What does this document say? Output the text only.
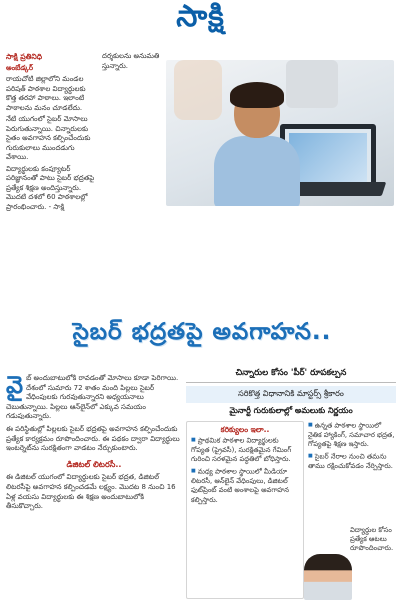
సాక్షి

దర్శకులను అనుమతి స్తున్నారు.

సాక్షి ప్రతినిధి

అంబేడ్కర్‌

రాయచోటి జిల్లాలోని మండల పరిషత్‌ పాఠశాల విద్యార్థులకు కొత్త తరహా పాఠాలు. ఇలాంటి పాఠాలను మనం చూడలేదు.

నేటి యుగంలో సైబర్‌ మోసాలు పెరుగుతున్నాయి. చిన్నారులకు సైతం అవగాహన కల్పించేందుకు గురుకులాలు ముందడుగు వేశాయి.

విద్యార్థులకు కంప్యూటర్‌ పరిజ్ఞానంతో పాటు సైబర్‌ భద్రతపై ప్రత్యేక శిక్షణ అందిస్తున్నారు. మొదటి దశలో 60 పాఠశాలల్లో ప్రారంభించారు. - సాక్షి

సైబర్‌ భద్రతపై అవగాహన..
చిన్నారుల కోసం 'పీర్‌' రూపకల్పన
సరికొత్త విధానానికి మాస్టర్స్‌ శ్రీకారం
మైనార్టీ గురుకులాల్లో అమలుకు నిర్ణయం

వై బ్‌ అందుబాటులోకి రావడంతో మోసాలు కూడా పెరిగాయి. దేశంలో సుమారు 72 శాతం మంది పిల్లలు సైబర్‌ వేధింపులకు గురవుతున్నారని అధ్యయనాలు చెబుతున్నాయి. పిల్లలు ఆన్‌లైన్‌లో ఎక్కువ సమయం గడుపుతున్నారు.

ఈ పరిస్థితుల్లో పిల్లలకు సైబర్‌ భద్రతపై అవగాహన కల్పించేందుకు ప్రత్యేక కార్యక్రమం రూపొందించారు. ఈ పథకం ద్వారా విద్యార్థులు ఇంటర్నెట్‌ను సురక్షితంగా వాడటం నేర్చుకుంటారు.

డిజిటల్‌ లిటరసీ..

ఈ డిజిటల్‌ యుగంలో విద్యార్థులకు సైబర్‌ భద్రత, డిజిటల్‌ లిటరసీపై అవగాహన కల్పించడమే లక్ష్యం. మొదట 8 నుంచి 16 ఏళ్ల వయసు విద్యార్థులకు ఈ శిక్షణ అందుబాటులోకి తీసుకొచ్చారు.

కరిక్యులం ఇలా..
■ ప్రాథమిక పాఠశాల విద్యార్థులకు గోప్యత (ప్రైవసీ), సురక్షితమైన గేమింగ్‌ గురించి సరళమైన పద్ధతిలో బోధిస్తారు.
■ మధ్య పాఠశాల స్థాయిలో మీడియా లిటరసీ, ఆన్‌లైన్‌ వేధింపులు, డిజిటల్‌ ఫుట్‌ప్రింట్‌ వంటి అంశాలపై అవగాహన కల్పిస్తారు.
■ ఉన్నత పాఠశాల స్థాయిలో నైతిక హ్యాకింగ్‌, సమాచార భద్రత, గోప్యతపై శిక్షణ ఇస్తారు.
■ సైబర్‌ నేరాల నుంచి తమను తాము రక్షించుకోవడం నేర్పిస్తారు.

విద్యార్థుల కోసం ప్రత్యేక ఆటలు రూపొందించారు.
